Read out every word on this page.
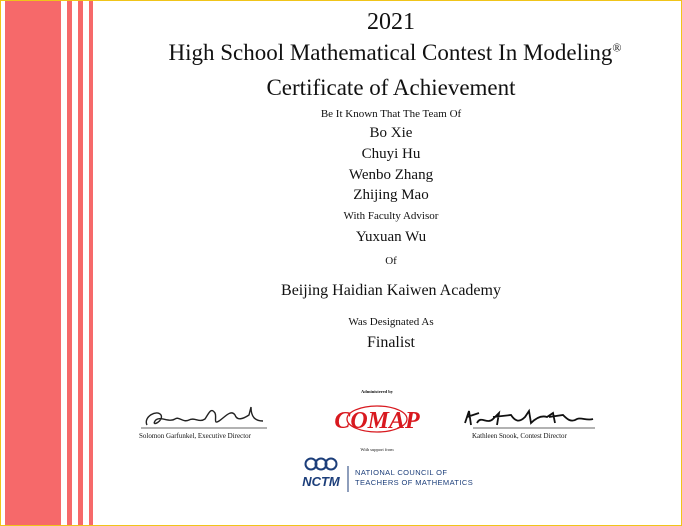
2021
High School Mathematical Contest In Modeling®
Certificate of Achievement
Be It Known That The Team Of
Bo Xie
Chuyi Hu
Wenbo Zhang
Zhijing Mao
With Faculty Advisor
Yuxuan Wu
Of
Beijing Haidian Kaiwen Academy
Was Designated As
Finalist
Solomon Garfunkel, Executive Director
Administered by
COMAP
With support from
Kathleen Snook, Contest Director
NCTM
NATIONAL COUNCIL OF
TEACHERS OF MATHEMATICS
